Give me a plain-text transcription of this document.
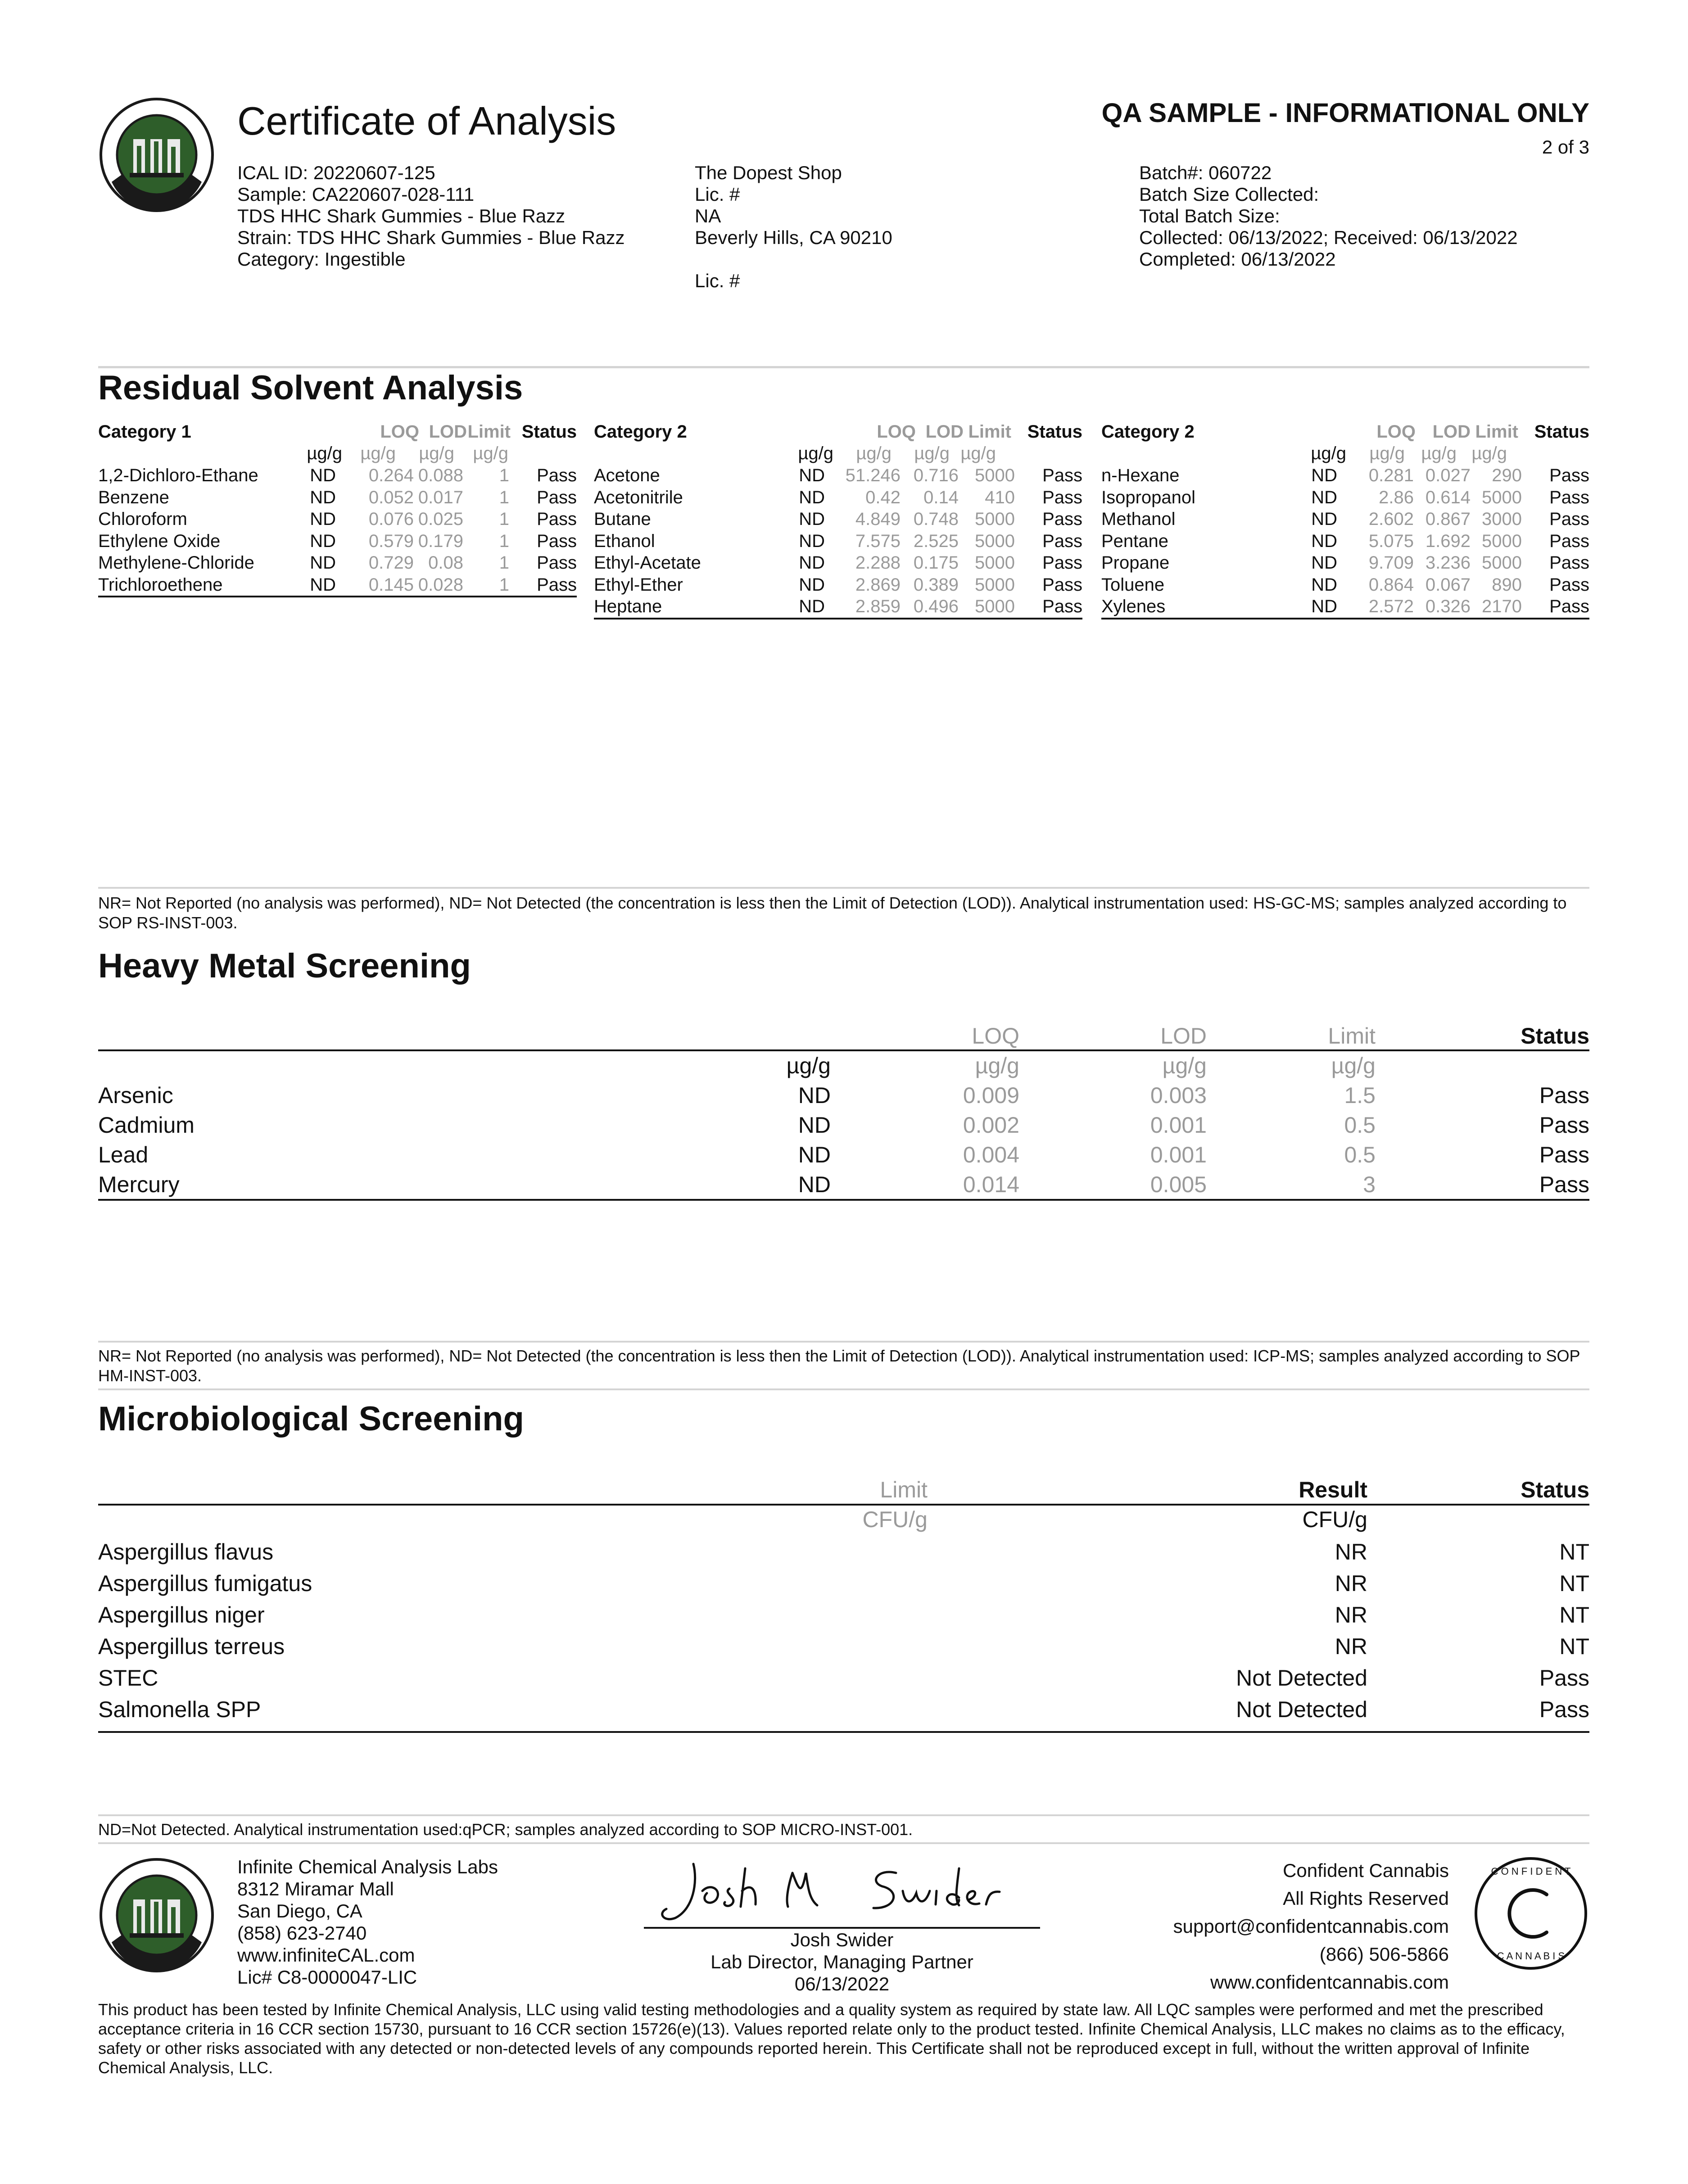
Certificate of Analysis	QA SAMPLE - INFORMATIONAL ONLY
2 of 3
ICAL ID: 20220607-125
Sample: CA220607-028-111
TDS HHC Shark Gummies - Blue Razz
Strain: TDS HHC Shark Gummies - Blue Razz
Category: Ingestible
The Dopest Shop
Lic. #
NA
Beverly Hills, CA 90210
Lic. #
Batch#: 060722
Batch Size Collected:
Total Batch Size:
Collected: 06/13/2022; Received: 06/13/2022
Completed: 06/13/2022
Residual Solvent Analysis
Category 1	LOQ LOD Limit Status
µg/g µg/g µg/g µg/g
1,2-Dichloro-Ethane	ND 0.264 0.088 1 Pass
Benzene	ND 0.052 0.017 1 Pass
Chloroform	ND 0.076 0.025 1 Pass
Ethylene Oxide	ND 0.579 0.179 1 Pass
Methylene-Chloride	ND 0.729 0.08 1 Pass
Trichloroethene	ND 0.145 0.028 1 Pass
Category 2	LOQ LOD Limit Status
µg/g µg/g µg/g µg/g
Acetone	ND 51.246 0.716 5000 Pass
Acetonitrile	ND 0.42 0.14 410 Pass
Butane	ND 4.849 0.748 5000 Pass
Ethanol	ND 7.575 2.525 5000 Pass
Ethyl-Acetate	ND 2.288 0.175 5000 Pass
Ethyl-Ether	ND 2.869 0.389 5000 Pass
Heptane	ND 2.859 0.496 5000 Pass
Category 2	LOQ LOD Limit Status
µg/g µg/g µg/g µg/g
n-Hexane	ND 0.281 0.027 290 Pass
Isopropanol	ND 2.86 0.614 5000 Pass
Methanol	ND 2.602 0.867 3000 Pass
Pentane	ND 5.075 1.692 5000 Pass
Propane	ND 9.709 3.236 5000 Pass
Toluene	ND 0.864 0.067 890 Pass
Xylenes	ND 2.572 0.326 2170 Pass
NR= Not Reported (no analysis was performed), ND= Not Detected (the concentration is less then the Limit of Detection (LOD)). Analytical instrumentation used: HS-GC-MS; samples analyzed according to SOP RS-INST-003.
Heavy Metal Screening
LOQ	LOD	Limit	Status
µg/g	µg/g	µg/g	µg/g
Arsenic	ND	0.009	0.003	1.5	Pass
Cadmium	ND	0.002	0.001	0.5	Pass
Lead	ND	0.004	0.001	0.5	Pass
Mercury	ND	0.014	0.005	3	Pass
NR= Not Reported (no analysis was performed), ND= Not Detected (the concentration is less then the Limit of Detection (LOD)). Analytical instrumentation used: ICP-MS; samples analyzed according to SOP HM-INST-003.
Microbiological Screening
Limit	Result	Status
CFU/g	CFU/g
Aspergillus flavus	NR	NT
Aspergillus fumigatus	NR	NT
Aspergillus niger	NR	NT
Aspergillus terreus	NR	NT
STEC	Not Detected	Pass
Salmonella SPP	Not Detected	Pass
ND=Not Detected. Analytical instrumentation used:qPCR; samples analyzed according to SOP MICRO-INST-001.
Infinite Chemical Analysis Labs
8312 Miramar Mall
San Diego, CA
(858) 623-2740
www.infiniteCAL.com
Lic# C8-0000047-LIC
Josh Swider
Lab Director, Managing Partner
06/13/2022
Confident Cannabis
All Rights Reserved
support@confidentcannabis.com
(866) 506-5866
www.confidentcannabis.com
C O N F I D E N T
C A N N A B I S
This product has been tested by Infinite Chemical Analysis, LLC using valid testing methodologies and a quality system as required by state law. All LQC samples were performed and met the prescribed acceptance criteria in 16 CCR section 15730, pursuant to 16 CCR section 15726(e)(13). Values reported relate only to the product tested. Infinite Chemical Analysis, LLC makes no claims as to the efficacy, safety or other risks associated with any detected or non-detected levels of any compounds reported herein. This Certificate shall not be reproduced except in full, without the written approval of Infinite Chemical Analysis, LLC.
